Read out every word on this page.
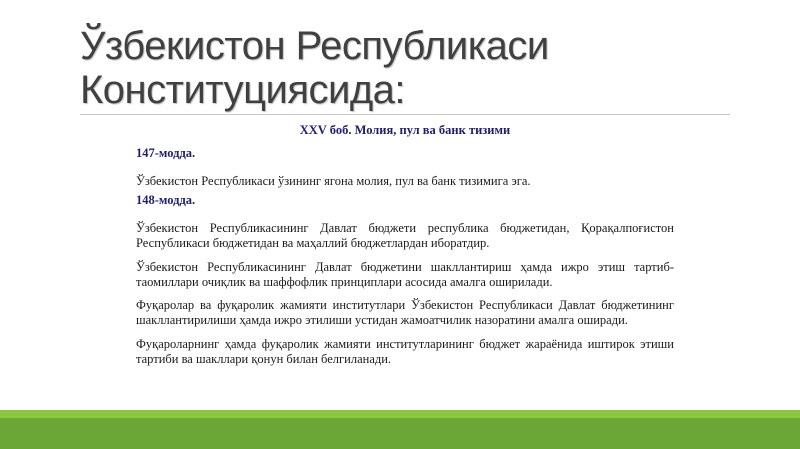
Ўзбекистон Республикаси Конституциясида:
XXV боб. Молия, пул ва банк тизими
147-модда.
Ўзбекистон Республикаси ўзининг ягона молия, пул ва банк тизимига эга.
148-модда.
Ўзбекистон Республикасининг Давлат бюджети республика бюджетидан, Қорақалпоғистон Республикаси бюджетидан ва маҳаллий бюджетлардан иборатдир.
Ўзбекистон Республикасининг Давлат бюджетини шакллантириш ҳамда ижро этиш тартиб-таомиллари очиқлик ва шаффофлик принциплари асосида амалга оширилади.
Фуқаролар ва фуқаролик жамияти институтлари Ўзбекистон Республикаси Давлат бюджетининг шакллантирилиши ҳамда ижро этилиши устидан жамоатчилик назоратини амалга оширади.
Фуқароларнинг ҳамда фуқаролик жамияти институтларининг бюджет жараёнида иштирок этиши тартиби ва шакллари қонун билан белгиланади.
